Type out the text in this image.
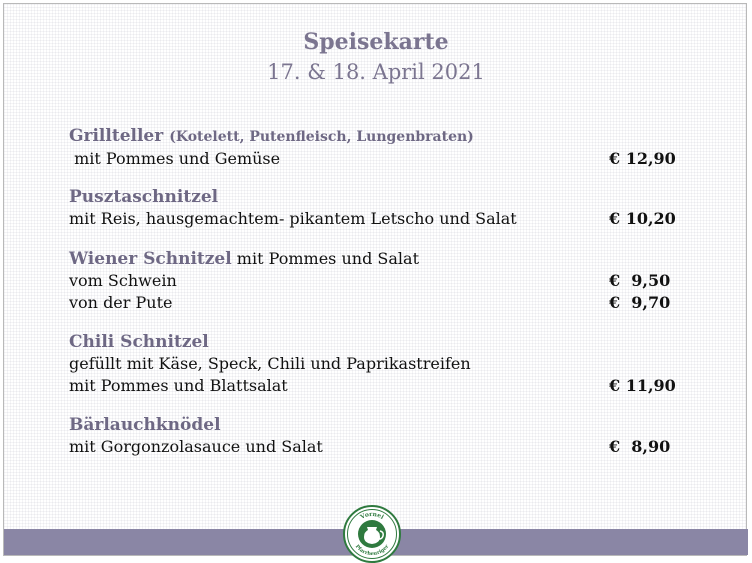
Speisekarte
17. & 18. April 2021
Grillteller (Kotelett, Putenfleisch, Lungenbraten)
mit Pommes und Gemüse	€ 12,90
Pusztaschnitzel
mit Reis, hausgemachtem- pikantem Letscho und Salat	€ 10,20
Wiener Schnitzel mit Pommes und Salat
vom Schwein	€  9,50
von der Pute	€  9,70
Chili Schnitzel
gefüllt mit Käse, Speck, Chili und Paprikastreifen
mit Pommes und Blattsalat	€ 11,90
Bärlauchknödel
mit Gorgonzolasauce und Salat	€  8,90
Vornei
Pfarrheuriger
